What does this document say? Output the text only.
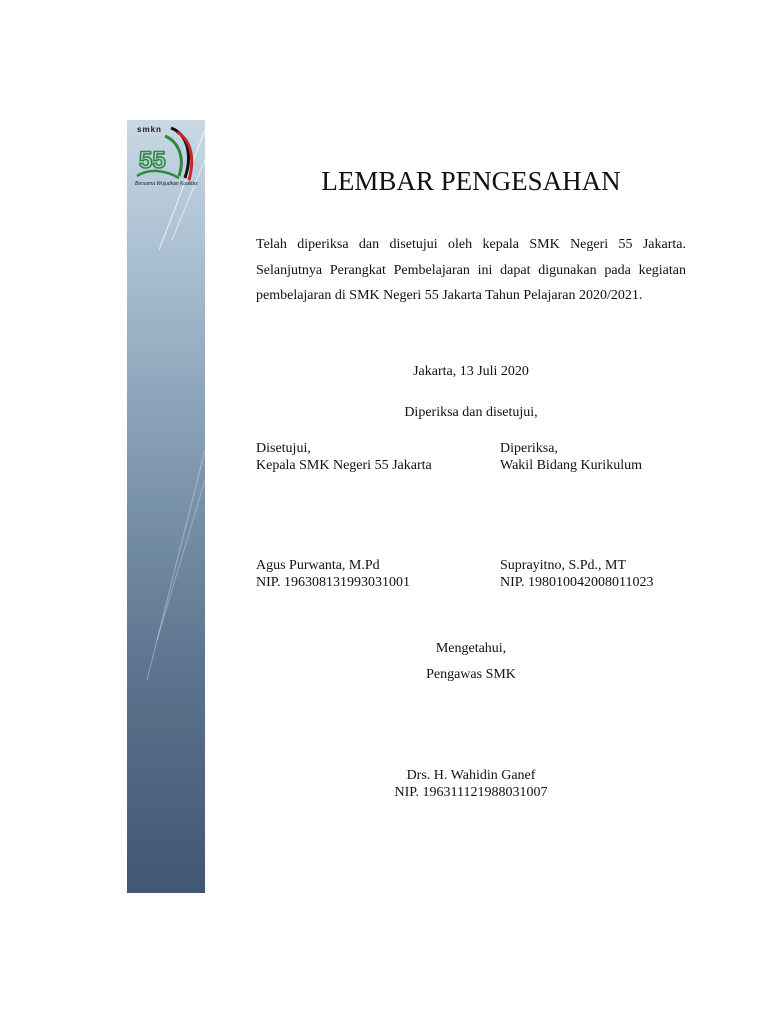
55
smkn
Bersama Wujudkan Kualitas	LEMBAR PENGESAHAN

Telah diperiksa dan disetujui oleh kepala SMK Negeri 55 Jakarta. Selanjutnya Perangkat Pembelajaran ini dapat digunakan pada kegiatan pembelajaran di SMK Negeri 55 Jakarta Tahun Pelajaran 2020/2021.

Jakarta, 13 Juli 2020

Diperiksa dan disetujui,

Disetujui,

Kepala SMK Negeri 55 Jakarta

Diperiksa,

Wakil Bidang Kurikulum

Agus Purwanta, M.Pd

NIP. 196308131993031001

Suprayitno, S.Pd., MT

NIP. 198010042008011023

Mengetahui,

Pengawas SMK

Drs. H. Wahidin Ganef

NIP. 196311121988031007
